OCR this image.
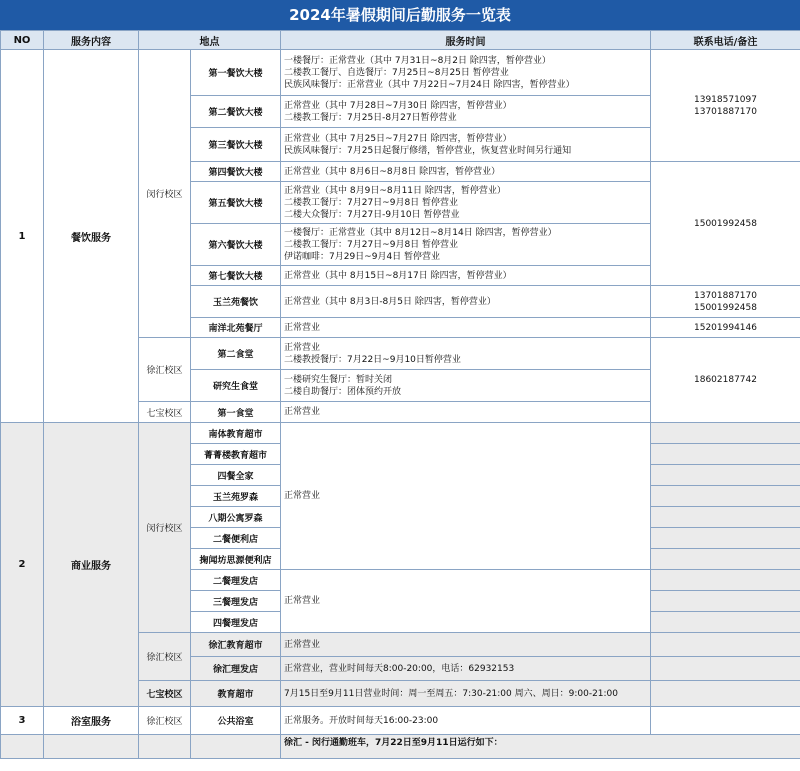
2024年暑假期间后勤服务一览表
NO	服务内容	地点		服务时间	联系电话/备注
1	餐饮服务	闵行校区	第一餐饮大楼	一楼餐厅：正常营业（其中 7月31日~8月2日 除四害，暂停营业）
二楼教工餐厅、自选餐厅：7月25日~8月25日 暂停营业
民族风味餐厅：正常营业（其中 7月22日~7月24日 除四害，暂停营业）	13918571097
13701887170

			第二餐饮大楼	正常营业（其中 7月28日~7月30日 除四害，暂停营业）
二楼教工餐厅：7月25日-8月27日暂停营业	

			第三餐饮大楼	正常营业（其中 7月25日~7月27日 除四害，暂停营业）
民族风味餐厅：7月25日起餐厅修缮，暂停营业，恢复营业时间另行通知	

			第四餐饮大楼	正常营业（其中 8月6日~8月8日 除四害，暂停营业）	15001992458

			第五餐饮大楼	正常营业（其中 8月9日~8月11日 除四害，暂停营业）
二楼教工餐厅：7月27日~9月8日 暂停营业
二楼大众餐厅：7月27日-9月10日 暂停营业	

			第六餐饮大楼	一楼餐厅：正常营业（其中 8月12日~8月14日 除四害，暂停营业）
二楼教工餐厅：7月27日~9月8日 暂停营业
伊诺咖啡：7月29日~9月4日 暂停营业	

			第七餐饮大楼	正常营业（其中 8月15日~8月17日 除四害，暂停营业）	

			玉兰苑餐饮	正常营业（其中 8月3日-8月5日 除四害，暂停营业）	13701887170
15001992458

			南洋北苑餐厅	正常营业	15201994146

		徐汇校区	第二食堂	正常营业
二楼教授餐厅：7月22日~9月10日暂停营业	18602187742

			研究生食堂	一楼研究生餐厅：暂时关闭
二楼自助餐厅：团体预约开放	

		七宝校区	第一食堂	正常营业	

2	商业服务	闵行校区	南体教育超市	正常营业	
			菁菁楼教育超市		
			四餐全家		
			玉兰苑罗森		
			八期公寓罗森		
			二餐便利店		
			掬闻坊思源便利店		
			二餐理发店	正常营业	
			三餐理发店		
			四餐理发店		
		徐汇校区	徐汇教育超市	正常营业	
			徐汇理发店	正常营业，营业时间每天8:00-20:00，电话：62932153	
		七宝校区	教育超市	7月15日至9月11日营业时间：周一至周五：7:30-21:00 周六、周日：9:00-21:00	
3	浴室服务	徐汇校区	公共浴室	正常服务。开放时间每天16:00-23:00	
				徐汇 - 闵行通勤班车，7月22日至9月11日运行如下：	
